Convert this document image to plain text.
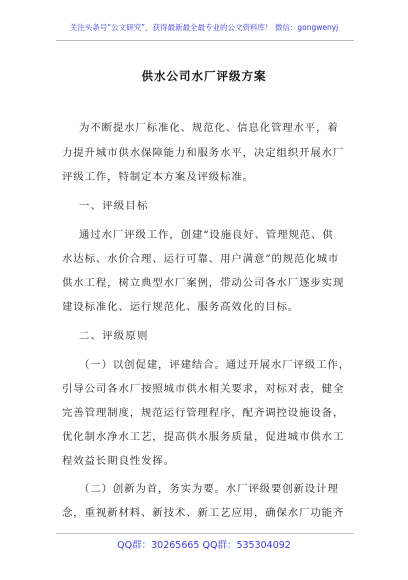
关注头条号“公文研究”，获得最新最全最专业的公文资料库！ 微信：gongwenyj
供水公司水厂评级方案
为不断提水厂标准化、规范化、信息化管理水平，着
力提升城市供水保障能力和服务水平，决定组织开展水厂
评级工作，特制定本方案及评级标准。
一、评级目标
通过水厂评级工作，创建“设施良好、管理规范、供
水达标、水价合理、运行可靠、用户满意”的规范化城市
供水工程，树立典型水厂案例，带动公司各水厂逐步实现
建设标准化、运行规范化、服务高效化的目标。
二、评级原则
（一）以创促建，评建结合。通过开展水厂评级工作，
引导公司各水厂按照城市供水相关要求，对标对表，健全
完善管理制度，规范运行管理程序，配齐调控设施设备，
优化制水净水工艺，提高供水服务质量，促进城市供水工
程效益长期良性发挥。
（二）创新为首，务实为要。水厂评级要创新设计理
念，重视新材料、新技术、新工艺应用，确保水厂功能齐
QQ群：30265665 QQ群：535304092
